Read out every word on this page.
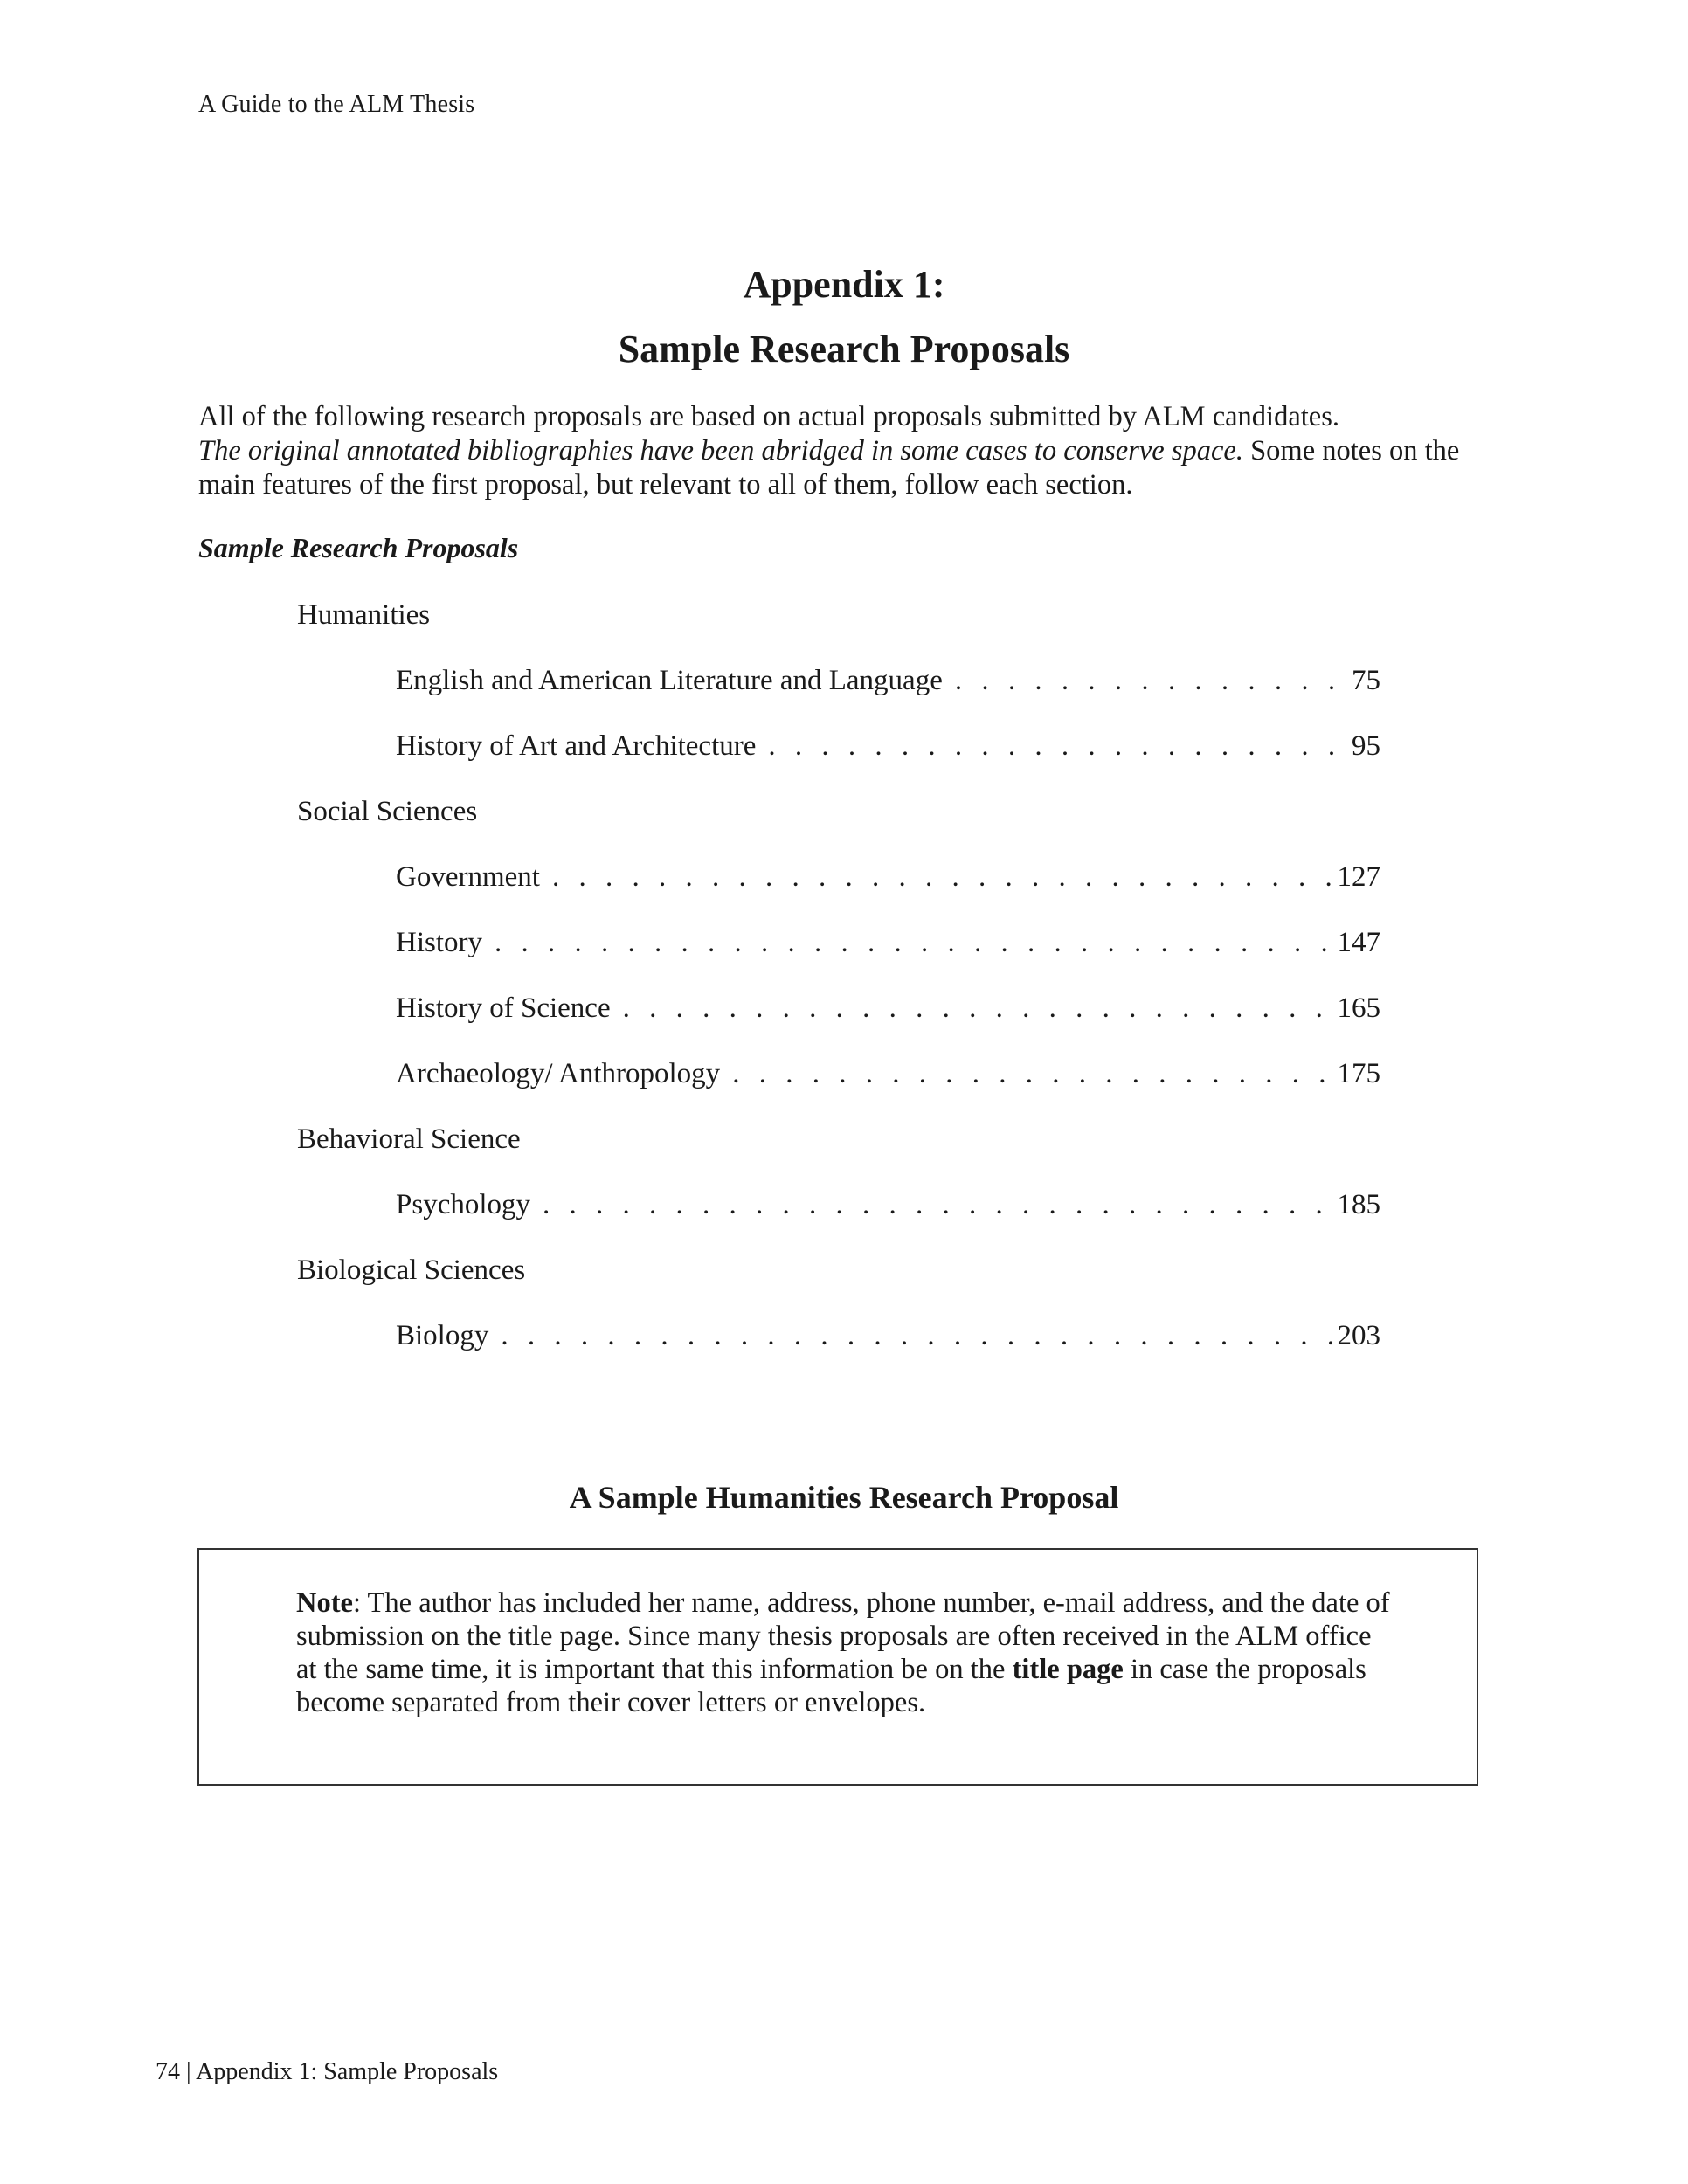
A Guide to the ALM Thesis
Appendix 1:
Sample Research Proposals
All of the following research proposals are based on actual proposals submitted by ALM candidates.
The original annotated bibliographies have been abridged in some cases to conserve space. Some notes on the main features of the first proposal, but relevant to all of them, follow each section.
Sample Research Proposals
Humanities
English and American Literature and Language . . .	75
History of Art and Architecture . . .	95
Social Sciences
Government . . .	127
History . . .	147
History of Science . . .	165
Archaeology/ Anthropology . . .	175
Behavioral Science
Psychology . . .	185
Biological Sciences
Biology . . .	203
A Sample Humanities Research Proposal
Note: The author has included her name, address, phone number, e-mail address, and the date of submission on the title page. Since many thesis proposals are often received in the ALM office at the same time, it is important that this information be on the title page in case the proposals become separated from their cover letters or envelopes.
74 | Appendix 1: Sample Proposals
